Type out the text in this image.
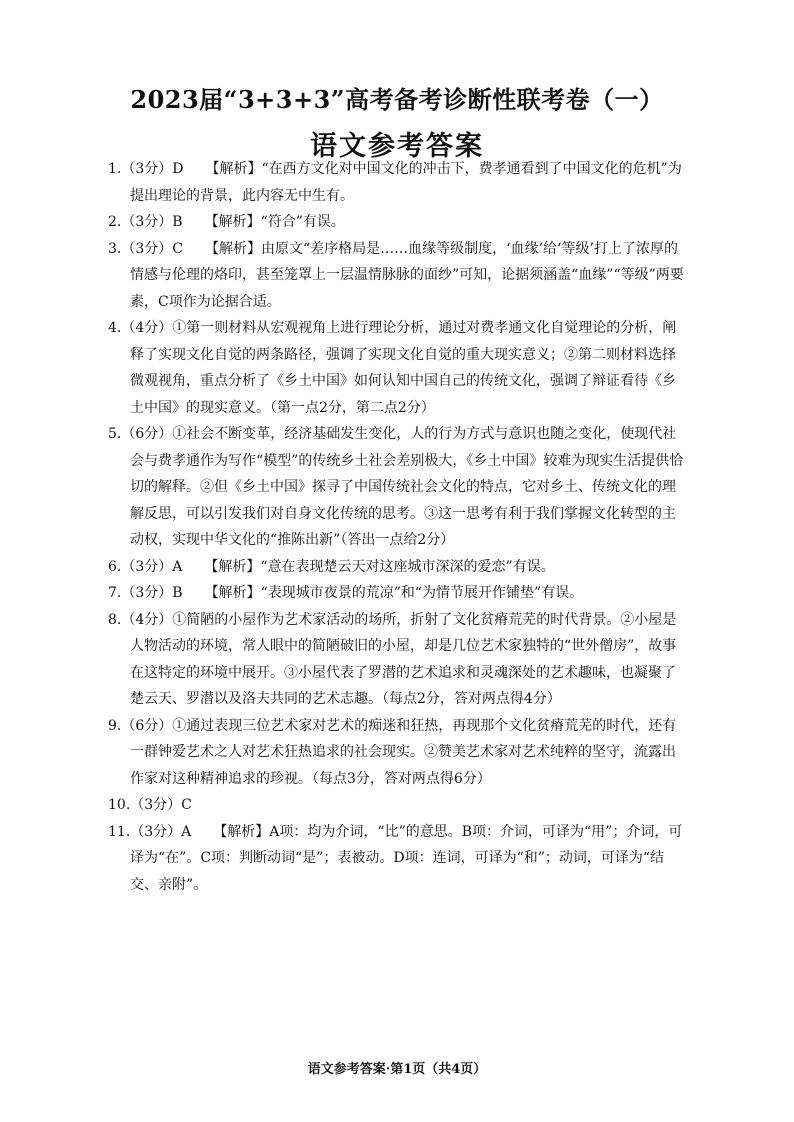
2023届“3+3+3”高考备考诊断性联考卷（一）
语文参考答案
1.（3分）D 【解析】“在西方文化对中国文化的冲击下，费孝通看到了中国文化的危机”为提出理论的背景，此内容无中生有。
2.（3分）B 【解析】“符合”有误。
3.（3分）C 【解析】由原文“差序格局是……血缘等级制度，‘血缘’给‘等级’打上了浓厚的情感与伦理的烙印，甚至笼罩上一层温情脉脉的面纱”可知，论据须涵盖“血缘”“等级”两要素，C项作为论据合适。
4.（4分）①第一则材料从宏观视角上进行理论分析，通过对费孝通文化自觉理论的分析，阐释了实现文化自觉的两条路径，强调了实现文化自觉的重大现实意义；②第二则材料选择微观视角，重点分析了《乡土中国》如何认知中国自己的传统文化，强调了辩证看待《乡土中国》的现实意义。（第一点2分，第二点2分）
5.（6分）①社会不断变革，经济基础发生变化，人的行为方式与意识也随之变化，使现代社会与费孝通作为写作“模型”的传统乡土社会差别极大，《乡土中国》较难为现实生活提供恰切的解释。②但《乡土中国》探寻了中国传统社会文化的特点，它对乡土、传统文化的理解反思，可以引发我们对自身文化传统的思考。③这一思考有利于我们掌握文化转型的主动权，实现中华文化的“推陈出新”（答出一点给2分）
6.（3分）A 【解析】“意在表现楚云天对这座城市深深的爱恋”有误。
7.（3分）B 【解析】“表现城市夜景的荒凉”和“为情节展开作铺垫”有误。
8.（4分）①简陋的小屋作为艺术家活动的场所，折射了文化贫瘠荒芜的时代背景。②小屋是人物活动的环境，常人眼中的简陋破旧的小屋，却是几位艺术家独特的“世外僧房”，故事在这特定的环境中展开。③小屋代表了罗潜的艺术追求和灵魂深处的艺术趣味，也凝聚了楚云天、罗潜以及洛夫共同的艺术志趣。（每点2分，答对两点得4分）
9.（6分）①通过表现三位艺术家对艺术的痴迷和狂热，再现那个文化贫瘠荒芜的时代，还有一群钟爱艺术之人对艺术狂热追求的社会现实。②赞美艺术家对艺术纯粹的坚守，流露出作家对这种精神追求的珍视。（每点3分，答对两点得6分）
10.（3分）C
11.（3分）A 【解析】A项：均为介词，“比”的意思。B项：介词，可译为“用”；介词，可译为“在”。C项：判断动词“是”；表被动。D项：连词，可译为“和”；动词，可译为“结交、亲附”。
语文参考答案·第1页（共4页）
